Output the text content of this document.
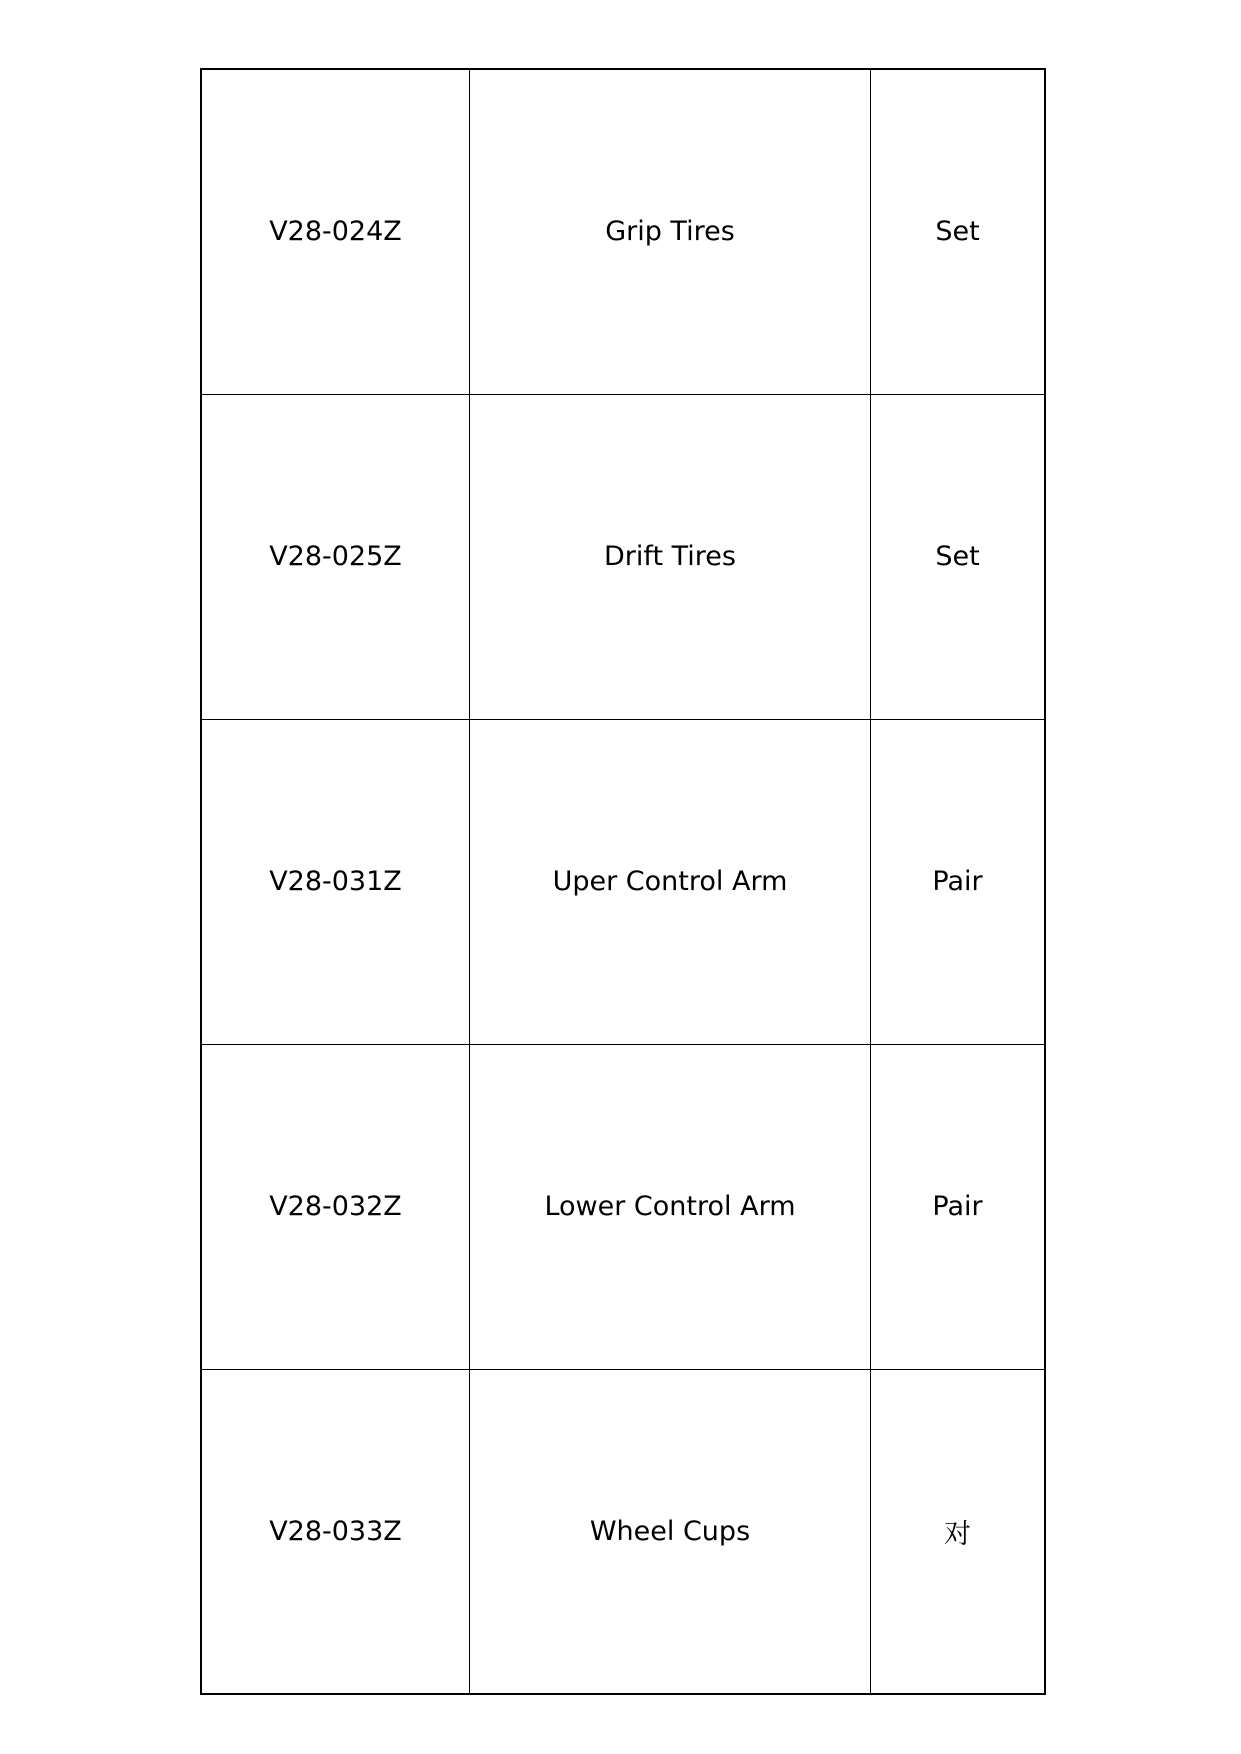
V28-024Z	Grip Tires	Set
V28-025Z	Drift Tires	Set
V28-031Z	Uper Control Arm	Pair
V28-032Z	Lower Control Arm	Pair
V28-033Z	Wheel Cups	对
